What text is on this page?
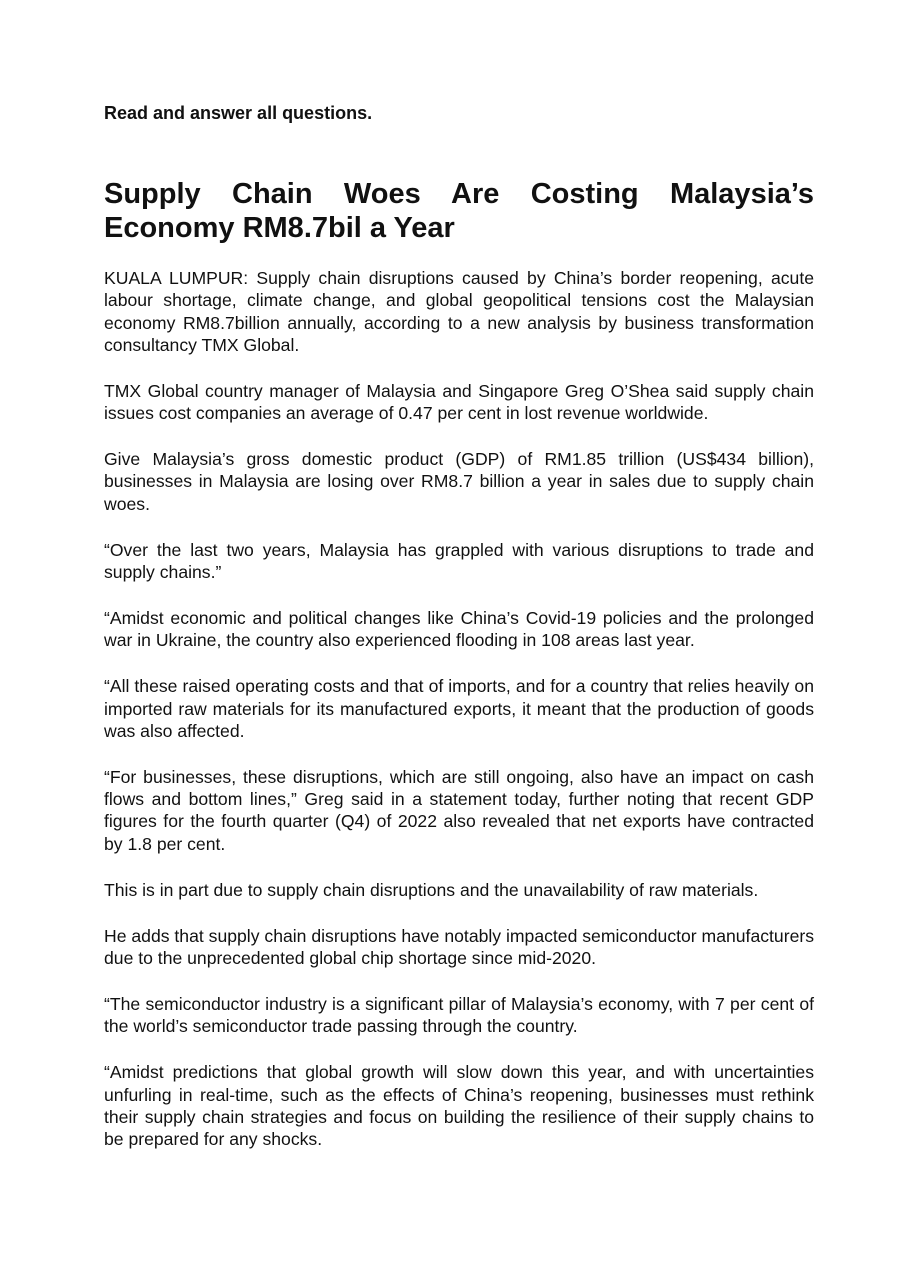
Read and answer all questions.

Supply Chain Woes Are Costing Malaysia’s Economy RM8.7bil a Year

KUALA LUMPUR: Supply chain disruptions caused by China’s border reopening, acute labour shortage, climate change, and global geopolitical tensions cost the Malaysian economy RM8.7billion annually, according to a new analysis by business transformation consultancy TMX Global.

TMX Global country manager of Malaysia and Singapore Greg O’Shea said supply chain issues cost companies an average of 0.47 per cent in lost revenue worldwide.

Give Malaysia’s gross domestic product (GDP) of RM1.85 trillion (US$434 billion), businesses in Malaysia are losing over RM8.7 billion a year in sales due to supply chain woes.

“Over the last two years, Malaysia has grappled with various disruptions to trade and supply chains.”

“Amidst economic and political changes like China’s Covid-19 policies and the prolonged war in Ukraine, the country also experienced flooding in 108 areas last year.

“All these raised operating costs and that of imports, and for a country that relies heavily on imported raw materials for its manufactured exports, it meant that the production of goods was also affected.

“For businesses, these disruptions, which are still ongoing, also have an impact on cash flows and bottom lines,” Greg said in a statement today, further noting that recent GDP figures for the fourth quarter (Q4) of 2022 also revealed that net exports have contracted by 1.8 per cent.

This is in part due to supply chain disruptions and the unavailability of raw materials.

He adds that supply chain disruptions have notably impacted semiconductor manufacturers due to the unprecedented global chip shortage since mid-2020.

“The semiconductor industry is a significant pillar of Malaysia’s economy, with 7 per cent of the world’s semiconductor trade passing through the country.

“Amidst predictions that global growth will slow down this year, and with uncertainties unfurling in real-time, such as the effects of China’s reopening, businesses must rethink their supply chain strategies and focus on building the resilience of their supply chains to be prepared for any shocks.
